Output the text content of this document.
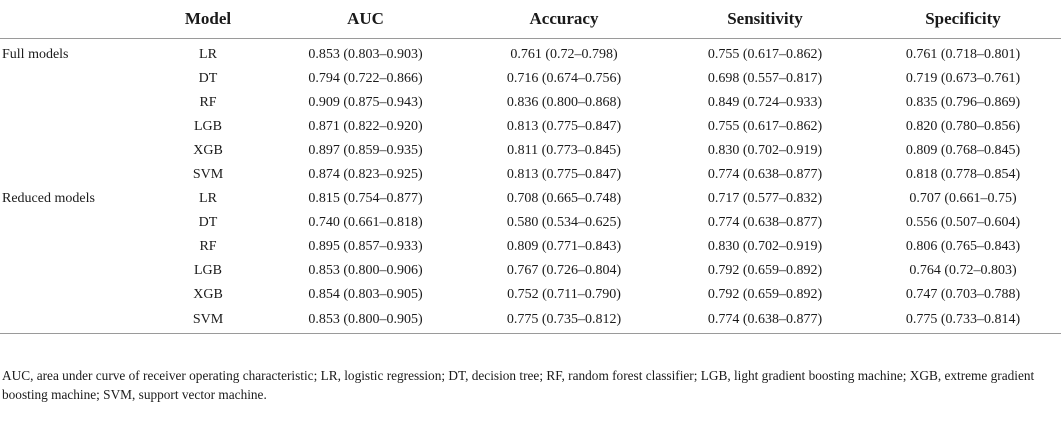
	Model	AUC	Accuracy	Sensitivity	Specificity
Full models	LR	0.853 (0.803–0.903)	0.761 (0.72–0.798)	0.755 (0.617–0.862)	0.761 (0.718–0.801)
	DT	0.794 (0.722–0.866)	0.716 (0.674–0.756)	0.698 (0.557–0.817)	0.719 (0.673–0.761)
	RF	0.909 (0.875–0.943)	0.836 (0.800–0.868)	0.849 (0.724–0.933)	0.835 (0.796–0.869)
	LGB	0.871 (0.822–0.920)	0.813 (0.775–0.847)	0.755 (0.617–0.862)	0.820 (0.780–0.856)
	XGB	0.897 (0.859–0.935)	0.811 (0.773–0.845)	0.830 (0.702–0.919)	0.809 (0.768–0.845)
	SVM	0.874 (0.823–0.925)	0.813 (0.775–0.847)	0.774 (0.638–0.877)	0.818 (0.778–0.854)
Reduced models	LR	0.815 (0.754–0.877)	0.708 (0.665–0.748)	0.717 (0.577–0.832)	0.707 (0.661–0.75)
	DT	0.740 (0.661–0.818)	0.580 (0.534–0.625)	0.774 (0.638–0.877)	0.556 (0.507–0.604)
	RF	0.895 (0.857–0.933)	0.809 (0.771–0.843)	0.830 (0.702–0.919)	0.806 (0.765–0.843)
	LGB	0.853 (0.800–0.906)	0.767 (0.726–0.804)	0.792 (0.659–0.892)	0.764 (0.72–0.803)
	XGB	0.854 (0.803–0.905)	0.752 (0.711–0.790)	0.792 (0.659–0.892)	0.747 (0.703–0.788)
	SVM	0.853 (0.800–0.905)	0.775 (0.735–0.812)	0.774 (0.638–0.877)	0.775 (0.733–0.814)
AUC, area under curve of receiver operating characteristic; LR, logistic regression; DT, decision tree; RF, random forest classifier; LGB, light gradient boosting machine; XGB, extreme gradient boosting machine; SVM, support vector machine.
